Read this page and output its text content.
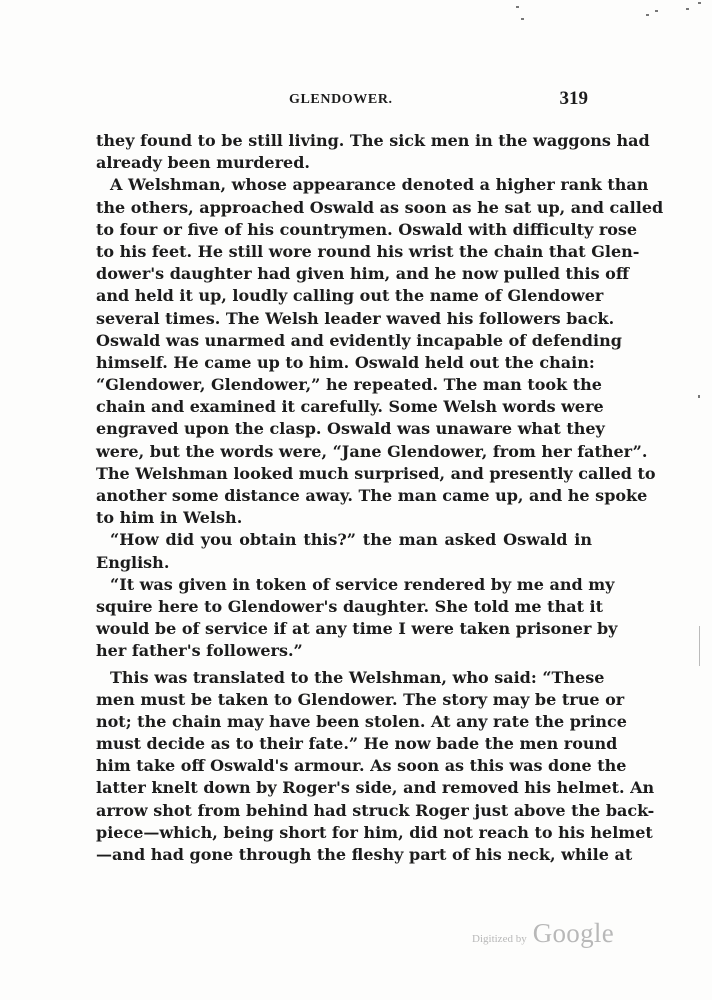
GLENDOWER.	319
they found to be still living. The sick men in the waggons had
already been murdered.
A Welshman, whose appearance denoted a higher rank than
the others, approached Oswald as soon as he sat up, and called
to four or five of his countrymen. Oswald with difficulty rose
to his feet. He still wore round his wrist the chain that Glen-
dower's daughter had given him, and he now pulled this off
and held it up, loudly calling out the name of Glendower
several times. The Welsh leader waved his followers back.
Oswald was unarmed and evidently incapable of defending
himself. He came up to him. Oswald held out the chain:
“Glendower, Glendower,” he repeated. The man took the
chain and examined it carefully. Some Welsh words were
engraved upon the clasp. Oswald was unaware what they
were, but the words were, “Jane Glendower, from her father”.
The Welshman looked much surprised, and presently called to
another some distance away. The man came up, and he spoke
to him in Welsh.
“How did you obtain this?” the man asked Oswald in
English.
“It was given in token of service rendered by me and my
squire here to Glendower's daughter. She told me that it
would be of service if at any time I were taken prisoner by
her father's followers.”
This was translated to the Welshman, who said: “These
men must be taken to Glendower. The story may be true or
not; the chain may have been stolen. At any rate the prince
must decide as to their fate.” He now bade the men round
him take off Oswald's armour. As soon as this was done the
latter knelt down by Roger's side, and removed his helmet. An
arrow shot from behind had struck Roger just above the back-
piece—which, being short for him, did not reach to his helmet
—and had gone through the fleshy part of his neck, while at
Digitized by Google
